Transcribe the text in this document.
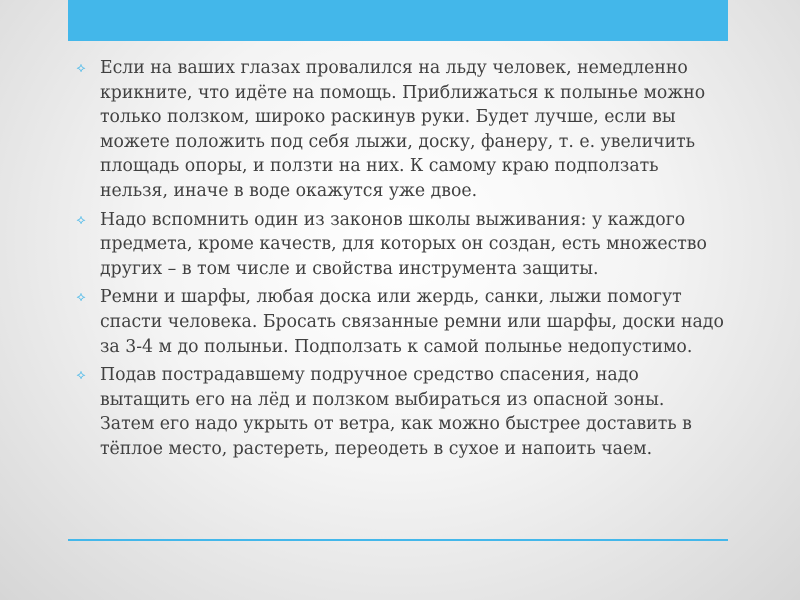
⟡ Если на ваших глазах провалился на льду человек, немедленно крикните, что идёте на помощь. Приближаться к полынье можно только ползком, широко раскинув руки. Будет лучше, если вы можете положить под себя лыжи, доску, фанеру, т. е. увеличить площадь опоры, и ползти на них. К самому краю подползать нельзя, иначе в воде окажутся уже двое.
⟡ Надо вспомнить один из законов школы выживания: у каждого предмета, кроме качеств, для которых он создан, есть множество других – в том числе и свойства инструмента защиты.
⟡ Ремни и шарфы, любая доска или жердь, санки, лыжи помогут спасти человека. Бросать связанные ремни или шарфы, доски надо за 3-4 м до полыньи. Подползать к самой полынье недопустимо.
⟡ Подав пострадавшему подручное средство спасения, надо вытащить его на лёд и ползком выбираться из опасной зоны. Затем его надо укрыть от ветра, как можно быстрее доставить в тёплое место, растереть, переодеть в сухое и напоить чаем.
